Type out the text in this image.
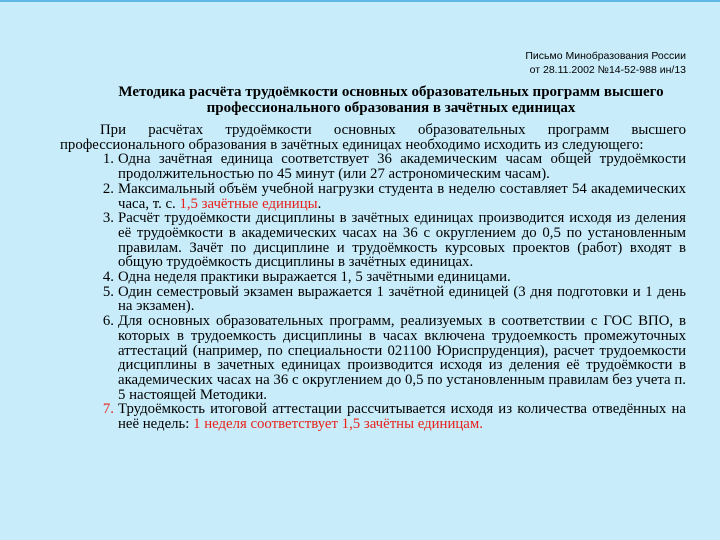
Письмо Минобразования России
от 28.11.2002 №14-52-988 ин/13
Методика расчёта трудоёмкости основных образовательных программ высшего профессионального образования в зачётных единицах

При расчётах трудоёмкости основных образовательных программ высшего профессионального образования в зачётных единицах необходимо исходить из следующего:

1. Одна зачётная единица соответствует 36 академическим часам общей трудоёмкости продолжительностью по 45 минут (или 27 астрономическим часам).
2. Максимальный объём учебной нагрузки студента в неделю составляет 54 академических часа, т. с. 1,5 зачётные единицы.
3. Расчёт трудоёмкости дисциплины в зачётных единицах производится исходя из деления её трудоёмкости в академических часах на 36 с округлением до 0,5 по установленным правилам. Зачёт по дисциплине и трудоёмкость курсовых проектов (работ) входят в общую трудоёмкость дисциплины в зачётных единицах.
4. Одна неделя практики выражается 1, 5 зачётными единицами.
5. Один семестровый экзамен выражается 1 зачётной единицей (3 дня подготовки и 1 день на экзамен).
6. Для основных образовательных программ, реализуемых в соответствии с ГОС ВПО, в которых в трудоемкость дисциплины в часах включена трудоемкость промежуточных аттестаций (например, по специальности 021100 Юриспруденция), расчет трудоемкости дисциплины в зачетных единицах производится исходя из деления её трудоёмкости в академических часах на 36 с округлением до 0,5 по установленным правилам без учета п. 5 настоящей Методики.
7. Трудоёмкость итоговой аттестации рассчитывается исходя из количества отведённых на неё недель: 1 неделя соответствует 1,5 зачётны единицам.
